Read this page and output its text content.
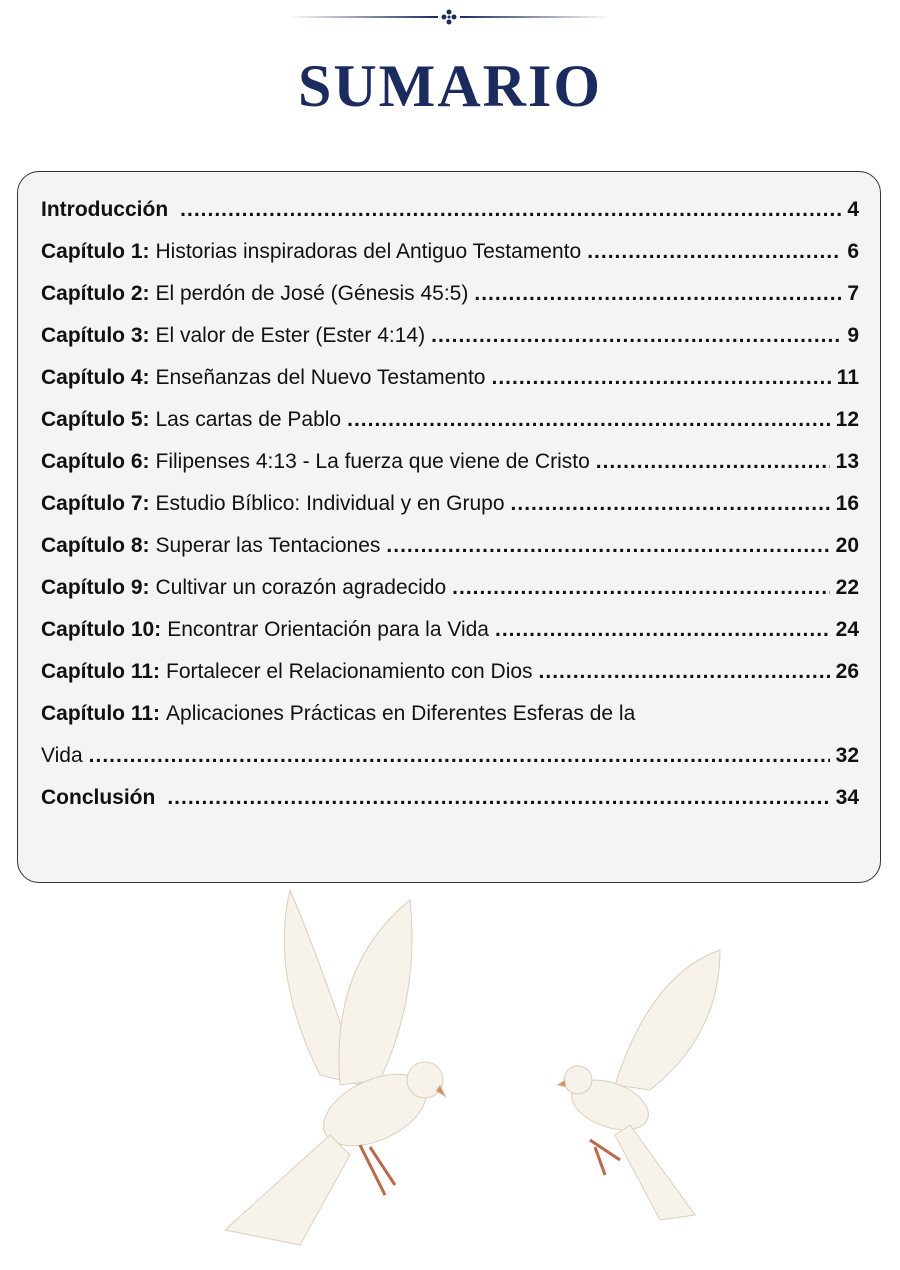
SUMARIO
Introducción .....	4
Capítulo 1: Historias inspiradoras del Antiguo Testamento .....	6
Capítulo 2: El perdón de José (Génesis 45:5) .....	7
Capítulo 3: El valor de Ester (Ester 4:14) .....	9
Capítulo 4: Enseñanzas del Nuevo Testamento .....	11
Capítulo 5: Las cartas de Pablo .....	12
Capítulo 6: Filipenses 4:13 - La fuerza que viene de Cristo .....	13
Capítulo 7: Estudio Bíblico: Individual y en Grupo .....	16
Capítulo 8: Superar las Tentaciones .....	20
Capítulo 9: Cultivar un corazón agradecido .....	22
Capítulo 10: Encontrar Orientación para la Vida .....	24
Capítulo 11: Fortalecer el Relacionamiento con Dios .....	26
Capítulo 11: Aplicaciones Prácticas en Diferentes Esferas de la
Vida .....	32
Conclusión .....	34
